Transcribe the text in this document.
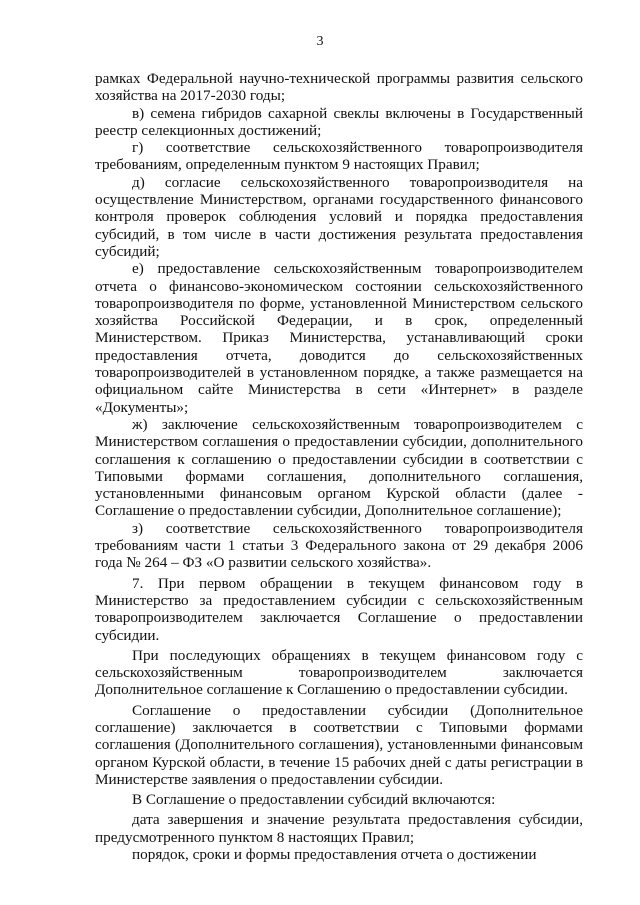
3

рамках Федеральной научно-технической программы развития сельского хозяйства на 2017-2030 годы;

в) семена гибридов сахарной свеклы включены в Государственный реестр селекционных достижений;

г) соответствие сельскохозяйственного товаропроизводителя требованиям, определенным пунктом 9 настоящих Правил;

д) согласие сельскохозяйственного товаропроизводителя на осуществление Министерством, органами государственного финансового контроля проверок соблюдения условий и порядка предоставления субсидий, в том числе в части достижения результата предоставления субсидий;

е) предоставление сельскохозяйственным товаропроизводителем отчета о финансово-экономическом состоянии сельскохозяйственного товаропроизводителя по форме, установленной Министерством сельского хозяйства Российской Федерации, и в срок, определенный Министерством. Приказ Министерства, устанавливающий сроки предоставления отчета, доводится до сельскохозяйственных товаропроизводителей в установленном порядке, а также размещается на официальном сайте Министерства в сети «Интернет» в разделе «Документы»;

ж) заключение сельскохозяйственным товаропроизводителем с Министерством соглашения о предоставлении субсидии, дополнительного соглашения к соглашению о предоставлении субсидии в соответствии с Типовыми формами соглашения, дополнительного соглашения, установленными финансовым органом Курской области (далее - Соглашение о предоставлении субсидии, Дополнительное соглашение);

з) соответствие сельскохозяйственного товаропроизводителя требованиям части 1 статьи 3 Федерального закона от 29 декабря 2006 года № 264 – ФЗ «О развитии сельского хозяйства».

7. При первом обращении в текущем финансовом году в Министерство за предоставлением субсидии с сельскохозяйственным товаропроизводителем заключается Соглашение о предоставлении субсидии.

При последующих обращениях в текущем финансовом году с сельскохозяйственным товаропроизводителем заключается Дополнительное соглашение к Соглашению о предоставлении субсидии.

Соглашение о предоставлении субсидии (Дополнительное соглашение) заключается в соответствии с Типовыми формами соглашения (Дополнительного соглашения), установленными финансовым органом Курской области, в течение 15 рабочих дней с даты регистрации в Министерстве заявления о предоставлении субсидии.

В Соглашение о предоставлении субсидий включаются:

дата завершения и значение результата предоставления субсидии, предусмотренного пунктом 8 настоящих Правил;

порядок, сроки и формы предоставления отчета о достижении
